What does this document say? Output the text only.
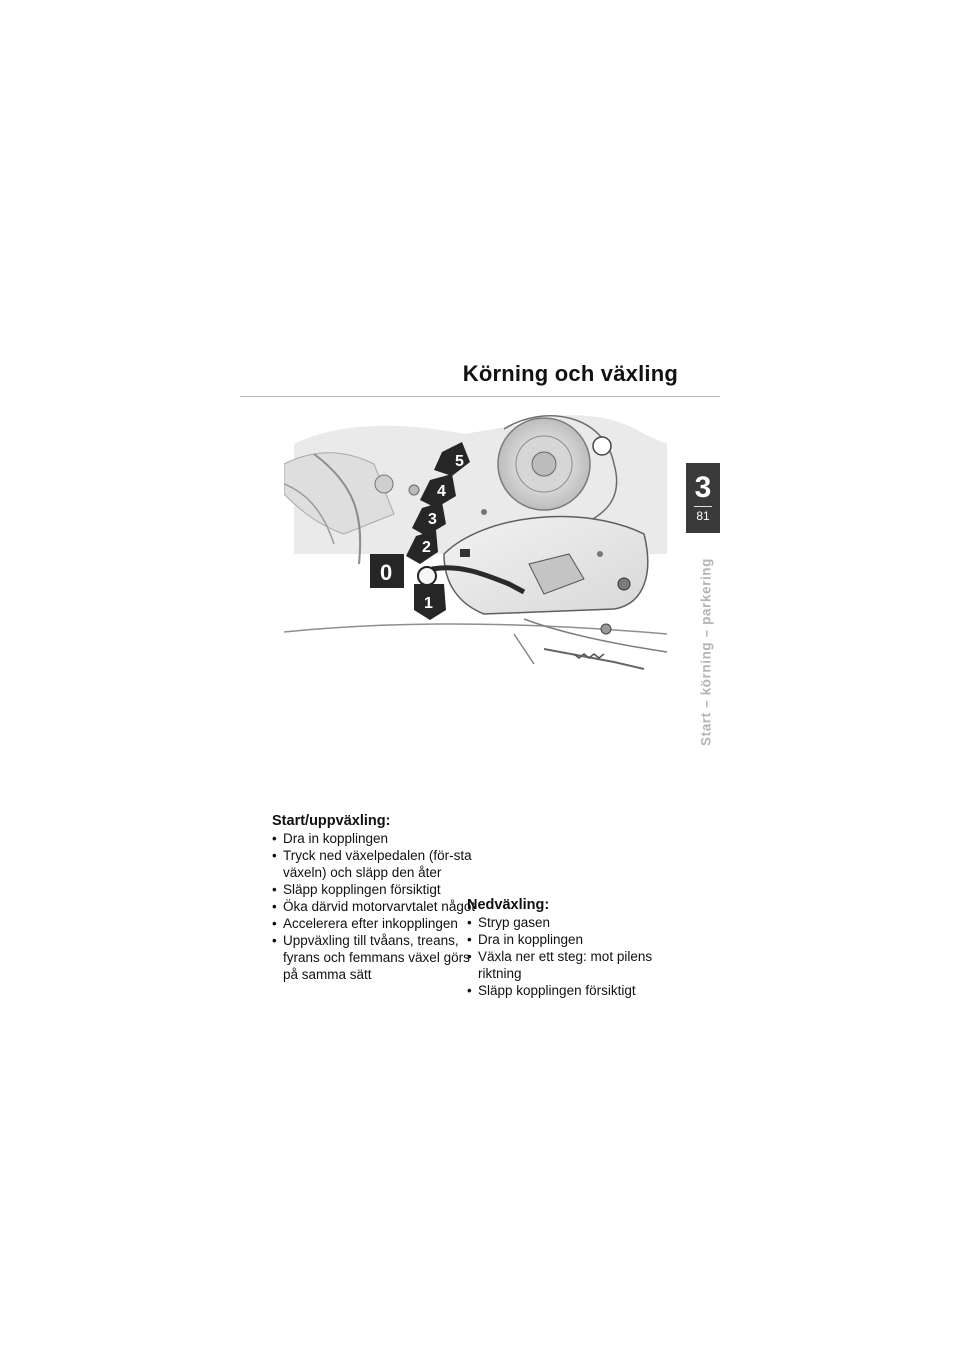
Körning och växling
3
81
Start – körning – parkering
5
4
3
2
0
1
Start/uppväxling:
• Dra in kopplingen
• Tryck ned växelpedalen (för-sta växeln) och släpp den åter
• Släpp kopplingen försiktigt
• Öka därvid motorvarvtalet något
• Accelerera efter inkopplingen
• Uppväxling till tvåans, treans, fyrans och femmans växel görs på samma sätt
Nedväxling:
• Stryp gasen
• Dra in kopplingen
• Växla ner ett steg: mot pilens riktning
• Släpp kopplingen försiktigt
